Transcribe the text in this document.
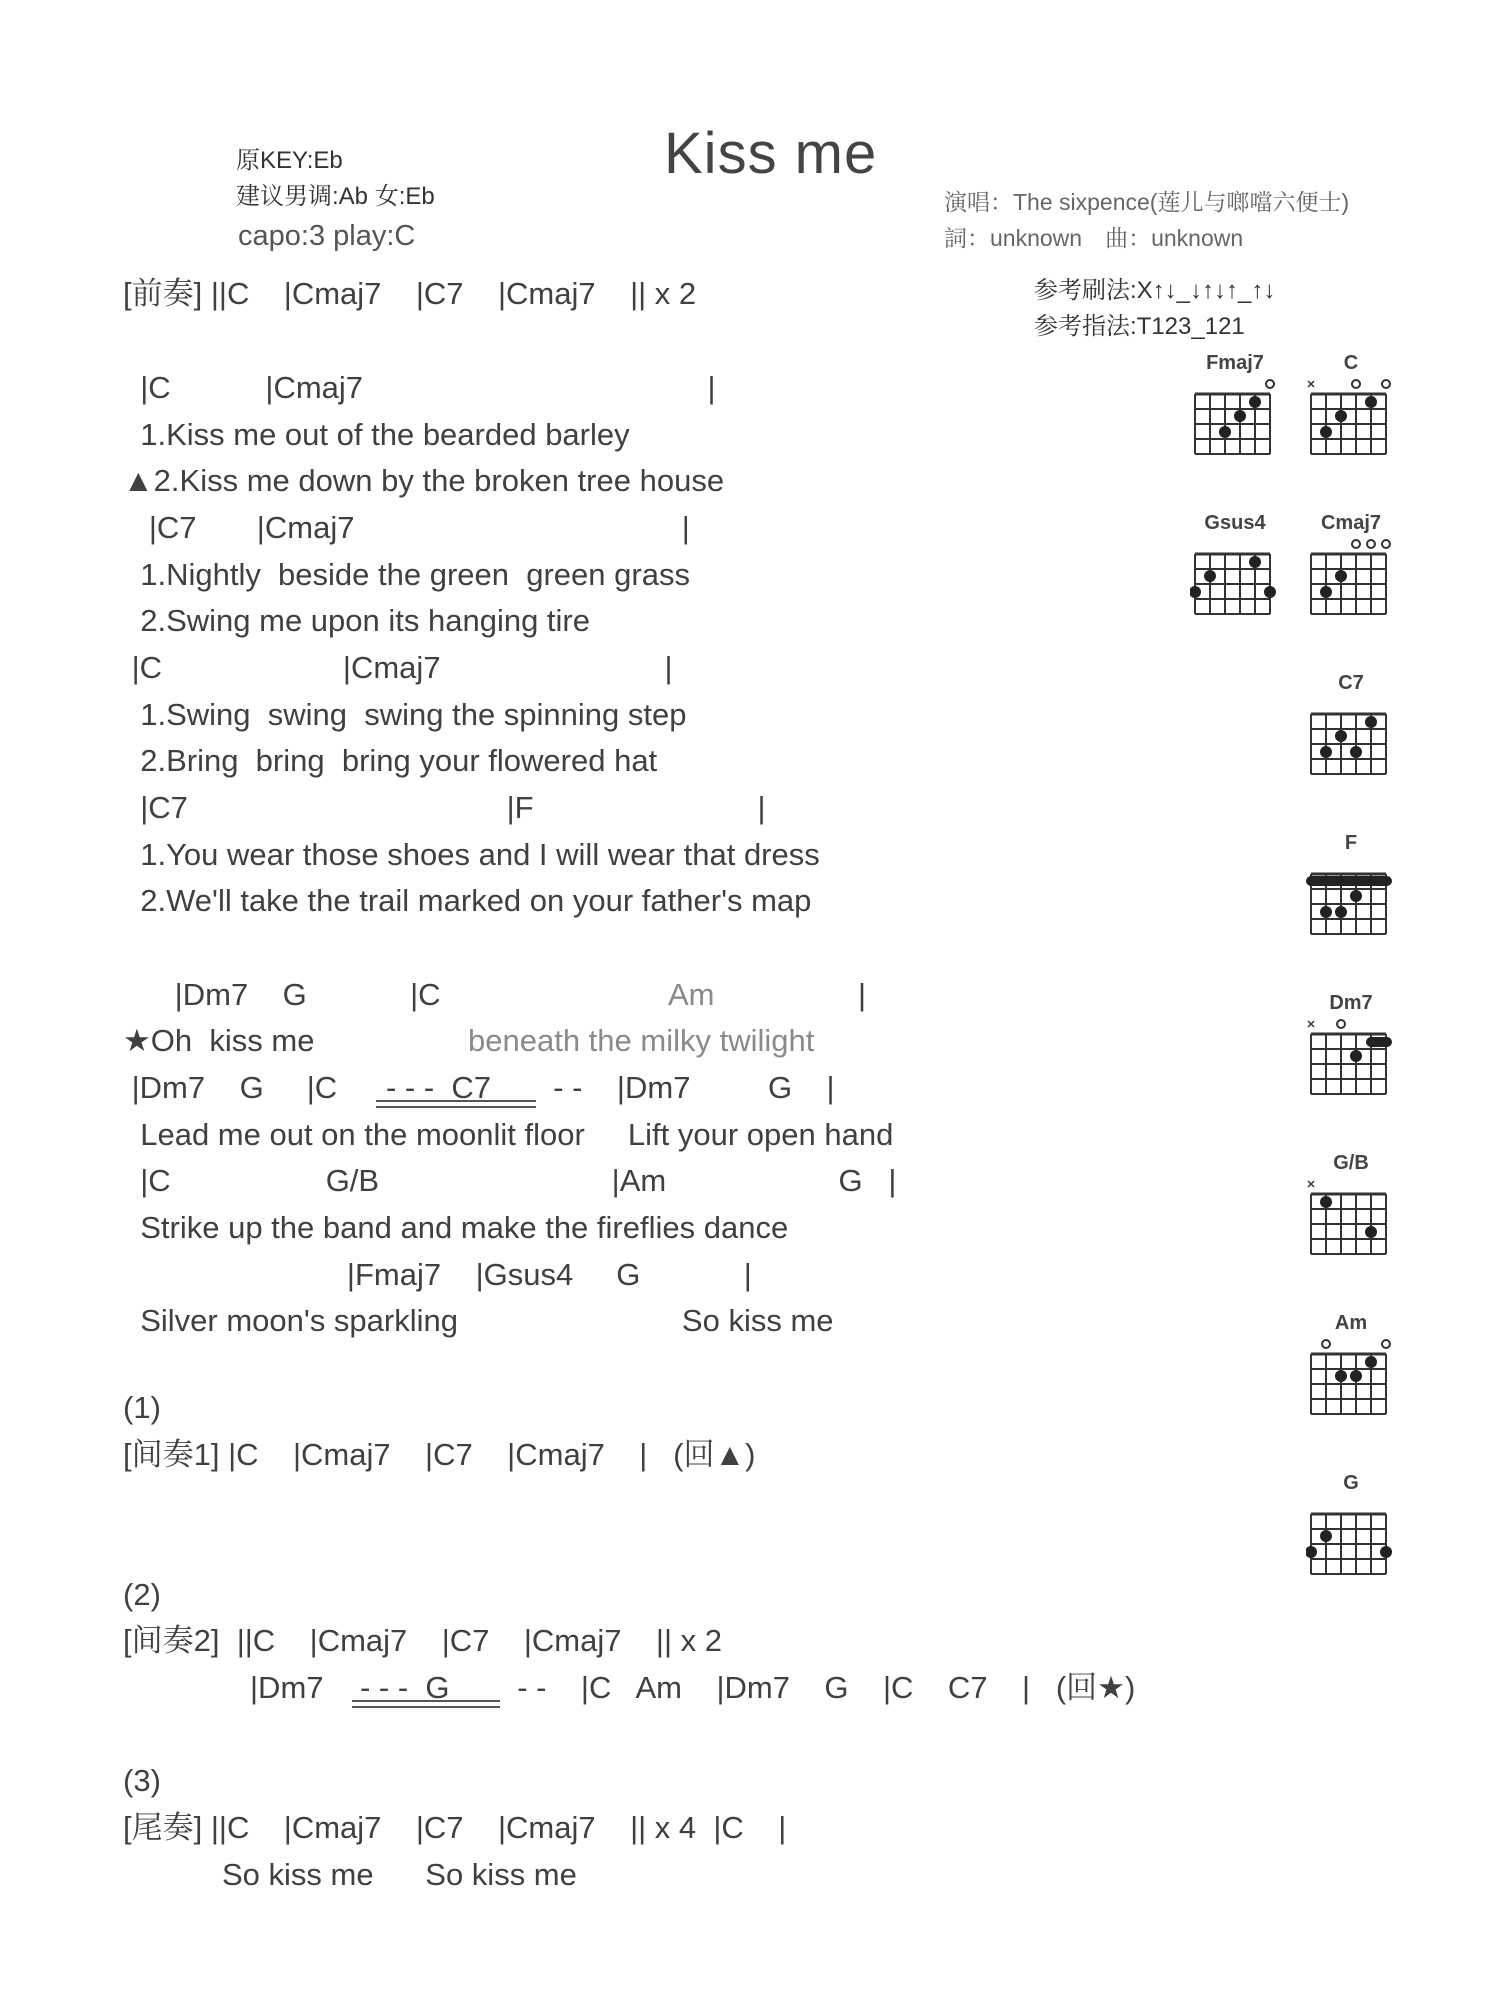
原KEY:Eb
建议男调:Ab 女:Eb
capo:3 play:C
Kiss me
演唱：The sixpence(莲儿与啷噹六便士)
詞：unknown　曲：unknown
参考刷法:X↑↓_↓↑↓↑_↑↓
参考指法:T123_121
[前奏] ||C    |Cmaj7    |C7    |Cmaj7    || x 2
|C           |Cmaj7                                        |
1.Kiss me out of the bearded barley
▲2.Kiss me down by the broken tree house
|C7       |Cmaj7                                      |
1.Nightly  beside the green  green grass
2.Swing me upon its hanging tire
|C                     |Cmaj7                          |
1.Swing  swing  swing the spinning step
2.Bring  bring  bring your flowered hat
|C7                                     |F                          |
1.You wear those shoes and I will wear that dress
2.We'll take the trail marked on your father's map
|Dm7    G            |C	Am	|
★Oh  kiss me	beneath the milky twilight
|Dm7    G     |C - - -  C7 - -    |Dm7         G    |
Lead me out on the moonlit floor     Lift your open hand
|C                  G/B                           |Am                    G   |
Strike up the band and make the fireflies dance
|Fmaj7    |Gsus4     G            |
Silver moon's sparkling                          So kiss me
(1)
[间奏1] |C    |Cmaj7    |C7    |Cmaj7    |   (回▲)
(2)
[间奏2]  ||C    |Cmaj7    |C7    |Cmaj7    || x 2
|Dm7 - - -  G - -    |C   Am    |Dm7    G    |C    C7    |   (回★)
(3)
[尾奏] ||C    |Cmaj7    |C7    |Cmaj7    || x 4  |C    |
So kiss me      So kiss me
Fmaj7	C
Gsus4	Cmaj7
C7
F
Dm7
G/B
Am
G
